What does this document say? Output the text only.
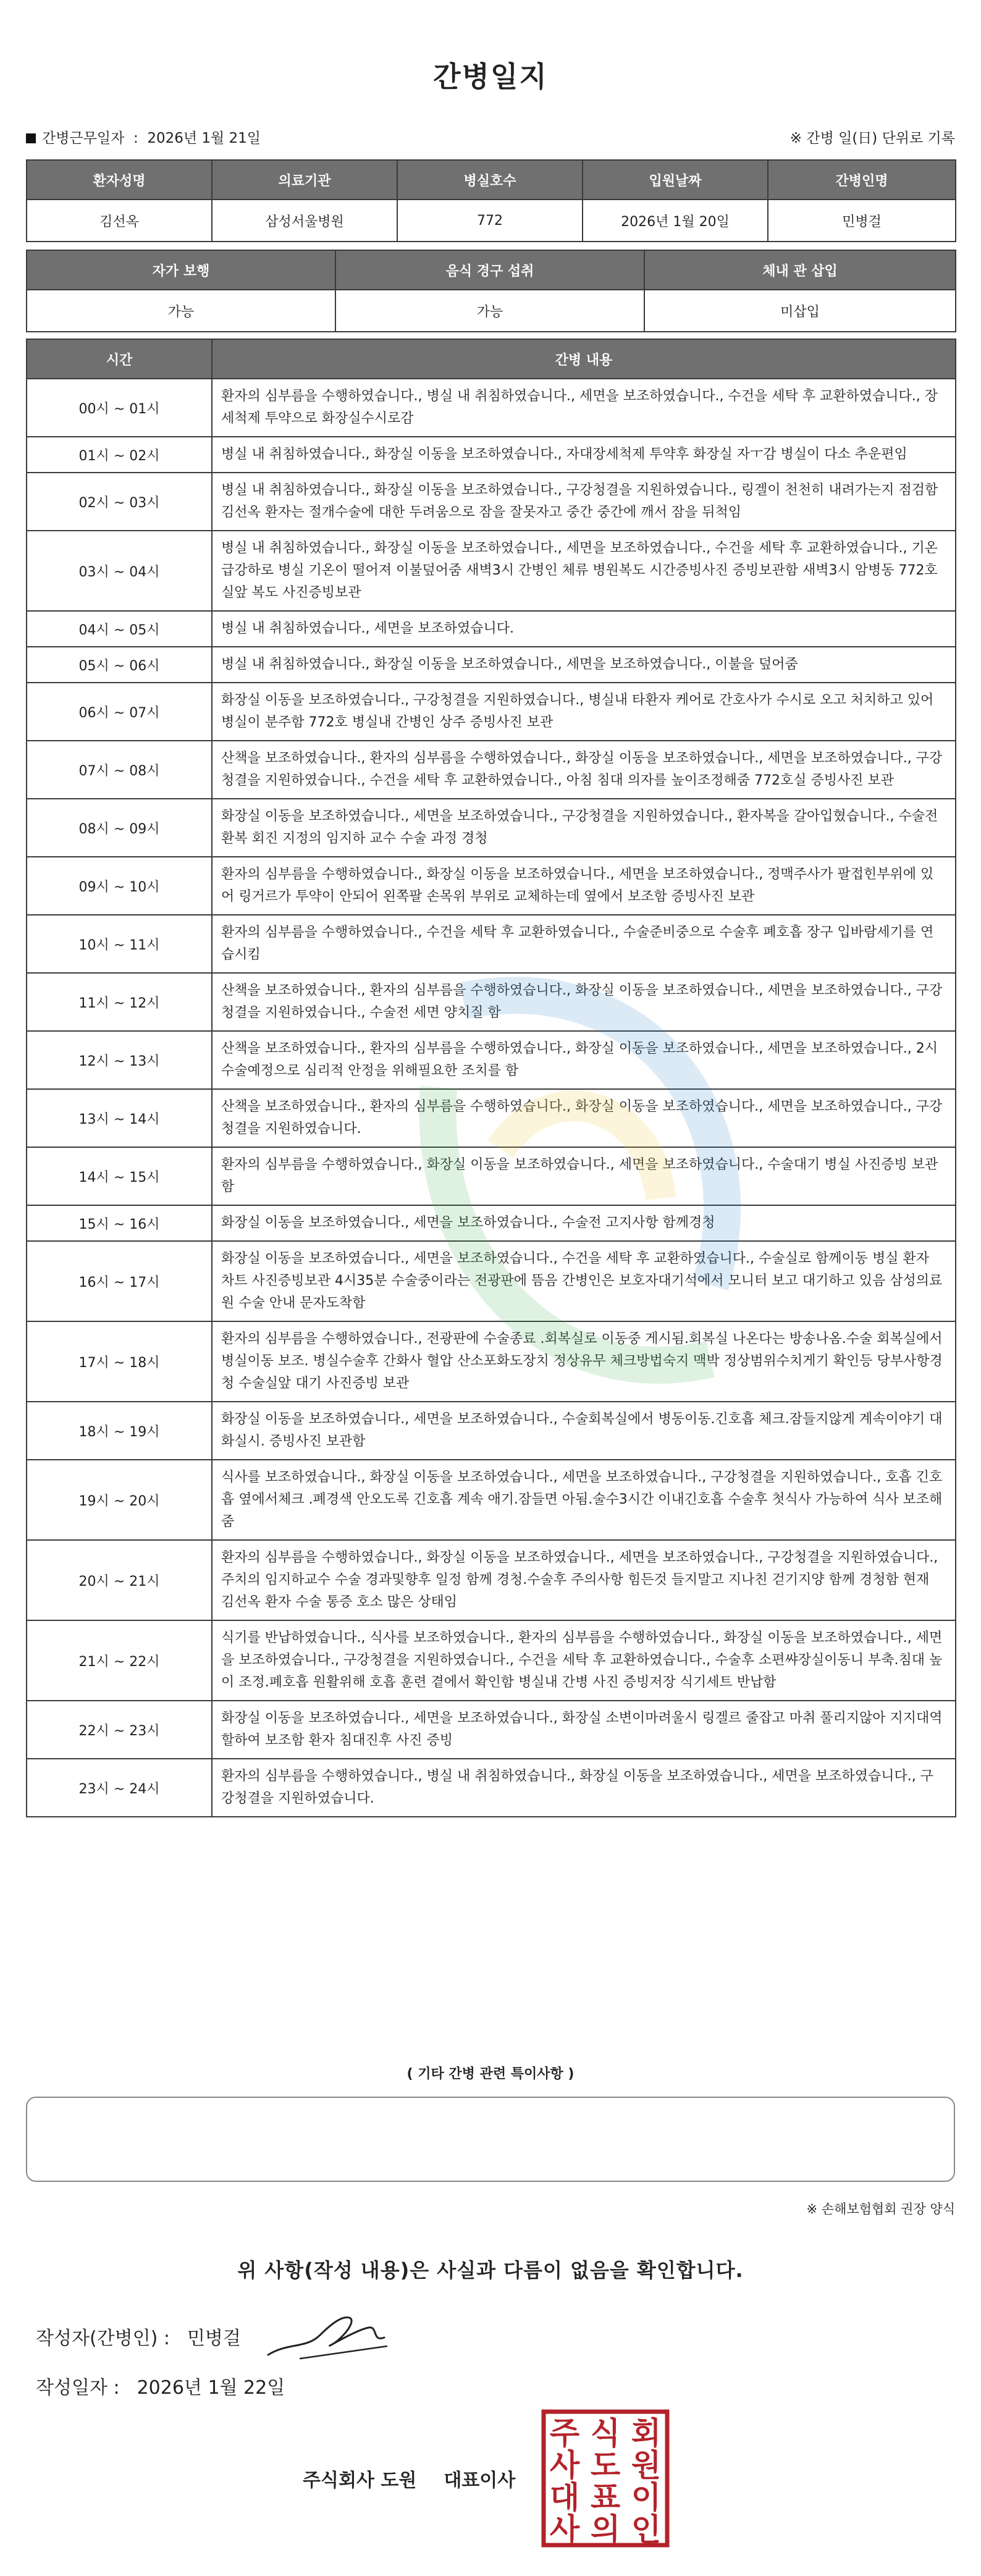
간병일지
간병근무일자 : 2026년 1월 21일	※ 간병 일(日) 단위로 기록
환자성명	의료기관	병실호수	입원날짜	간병인명
김선옥	삼성서울병원	772	2026년 1월 20일	민병걸
자가 보행	음식 경구 섭취	체내 관 삽입
가능	가능	미삽입
시간	간병 내용
00시 ~ 01시	환자의 심부름을 수행하였습니다., 병실 내 취침하였습니다., 세면을 보조하였습니다., 수건을 세탁 후 교환하였습니다., 장세척제 투약으로 화장실수시로감
01시 ~ 02시	병실 내 취침하였습니다., 화장실 이동을 보조하였습니다., 자대장세척제 투약후 화장실 자ㅜ감 병실이 다소 추운편임
02시 ~ 03시	병실 내 취침하였습니다., 화장실 이동을 보조하였습니다., 구강청결을 지원하였습니다., 링겔이 천천히 내려가는지 점검함 김선옥 환자는 절개수술에 대한 두려움으로 잠을 잘못자고 중간 중간에 깨서 잠을 뒤척임
03시 ~ 04시	병실 내 취침하였습니다., 화장실 이동을 보조하였습니다., 세면을 보조하였습니다., 수건을 세탁 후 교환하였습니다., 기온급강하로 병실 기온이 떨어져 이불덮어줌 새벽3시 간병인 체류 병원복도 시간증빙사진 증빙보관함 새벽3시 암병동 772호실앞 복도 사진증빙보관
04시 ~ 05시	병실 내 취침하였습니다., 세면을 보조하였습니다.
05시 ~ 06시	병실 내 취침하였습니다., 화장실 이동을 보조하였습니다., 세면을 보조하였습니다., 이불을 덮어줌
06시 ~ 07시	화장실 이동을 보조하였습니다., 구강청결을 지원하였습니다., 병실내 타환자 케어로 간호사가 수시로 오고 처치하고 있어 병실이 분주함 772호 병실내 간병인 상주 증빙사진 보관
07시 ~ 08시	산책을 보조하였습니다., 환자의 심부름을 수행하였습니다., 화장실 이동을 보조하였습니다., 세면을 보조하였습니다., 구강청결을 지원하였습니다., 수건을 세탁 후 교환하였습니다., 아침 침대 의자를 높이조정해줌 772호실 증빙사진 보관
08시 ~ 09시	화장실 이동을 보조하였습니다., 세면을 보조하였습니다., 구강청결을 지원하였습니다., 환자복을 갈아입혔습니다., 수술전 환복 회진 지정의 임지하 교수 수술 과정 경청
09시 ~ 10시	환자의 심부름을 수행하였습니다., 화장실 이동을 보조하였습니다., 세면을 보조하였습니다., 정맥주사가 팔접힌부위에 있어 링거르가 투약이 안되어 왼쪽팔 손목위 부위로 교체하는데 옆에서 보조함 증빙사진 보관
10시 ~ 11시	환자의 심부름을 수행하였습니다., 수건을 세탁 후 교환하였습니다., 수술준비중으로 수술후 폐호흡 장구 입바람세기를 연습시킴
11시 ~ 12시	산책을 보조하였습니다., 환자의 심부름을 수행하였습니다., 화장실 이동을 보조하였습니다., 세면을 보조하였습니다., 구강청결을 지원하였습니다., 수술전 세면 양치질 함
12시 ~ 13시	산책을 보조하였습니다., 환자의 심부름을 수행하였습니다., 화장실 이동을 보조하였습니다., 세면을 보조하였습니다., 2시 수술예정으로 심리적 안정을 위해필요한 조치를 함
13시 ~ 14시	산책을 보조하였습니다., 환자의 심부름을 수행하였습니다., 화장실 이동을 보조하였습니다., 세면을 보조하였습니다., 구강청결을 지원하였습니다.
14시 ~ 15시	환자의 심부름을 수행하였습니다., 화장실 이동을 보조하였습니다., 세면을 보조하였습니다., 수술대기 병실 사진증빙 보관함
15시 ~ 16시	화장실 이동을 보조하였습니다., 세면을 보조하였습니다., 수술전 고지사항 함께경청
16시 ~ 17시	화장실 이동을 보조하였습니다., 세면을 보조하였습니다., 수건을 세탁 후 교환하였습니다., 수술실로 함께이동 병실 환자 차트 사진증빙보관 4시35분 수술중이라는 전광판에 뜸음 간병인은 보호자대기석에서 모니터 보고 대기하고 있음 삼성의료원 수술 안내 문자도착함
17시 ~ 18시	환자의 심부름을 수행하였습니다., 전광판에 수술종료 .회복실로 이동중 게시됨.회복실 나온다는 방송나옴.수술 회복실에서 병실이동 보조. 병실수술후 간화사 혈압 산소포화도장치 정상유무 체크방법숙지 맥박 정상범위수치게기 확인등 당부사항경청 수술실앞 대기 사진증빙 보관
18시 ~ 19시	화장실 이동을 보조하였습니다., 세면을 보조하였습니다., 수술회복실에서 병동이동.긴호흡 체크.잠들지않게 계속이야기 대화실시. 증빙사진 보관함
19시 ~ 20시	식사를 보조하였습니다., 화장실 이동을 보조하였습니다., 세면을 보조하였습니다., 구강청결을 지원하였습니다., 호흡 긴호흡 옆에서체크 .폐경색 안오도록 긴호흡 계속 애기.잠들면 아됨.술수3시간 이내긴호흡 수술후 첫식사 가능하여 식사 보조해줌
20시 ~ 21시	환자의 심부름을 수행하였습니다., 화장실 이동을 보조하였습니다., 세면을 보조하였습니다., 구강청결을 지원하였습니다., 주치의 임지하교수 수술 경과및향후 일정 함께 경청.수술후 주의사항 힘든것 들지말고 지나친 걷기지양 함께 경청함 현재 김선옥 환자 수술 통증 호소 많은 상태임
21시 ~ 22시	식기를 반납하였습니다., 식사를 보조하였습니다., 환자의 심부름을 수행하였습니다., 화장실 이동을 보조하였습니다., 세면을 보조하였습니다., 구강청결을 지원하였습니다., 수건을 세탁 후 교환하였습니다., 수술후 소편쌰장실이동니 부축.침대 높이 조정.폐호흡 원활위해 호흡 훈련 곁에서 확인함 병실내 간병 사진 증빙저장 식기세트 반납함
22시 ~ 23시	화장실 이동을 보조하였습니다., 세면을 보조하였습니다., 화장실 소변이마려울시 링겔르 줄잡고 마취 풀리지않아 지지대역할하여 보조함 환자 침대진후 사진 증빙
23시 ~ 24시	환자의 심부름을 수행하였습니다., 병실 내 취침하였습니다., 화장실 이동을 보조하였습니다., 세면을 보조하였습니다., 구강청결을 지원하였습니다.
( 기타 간병 관련 특이사항 )
※ 손해보험협회 권장 양식
위 사항(작성 내용)은 사실과 다름이 없음을 확인합니다.
작성자(간병인) : 민병걸
작성일자 : 2026년 1월 22일
주식회사 도원 대표이사
주 식 회
사 도 원
대 표 이
사 의 인
